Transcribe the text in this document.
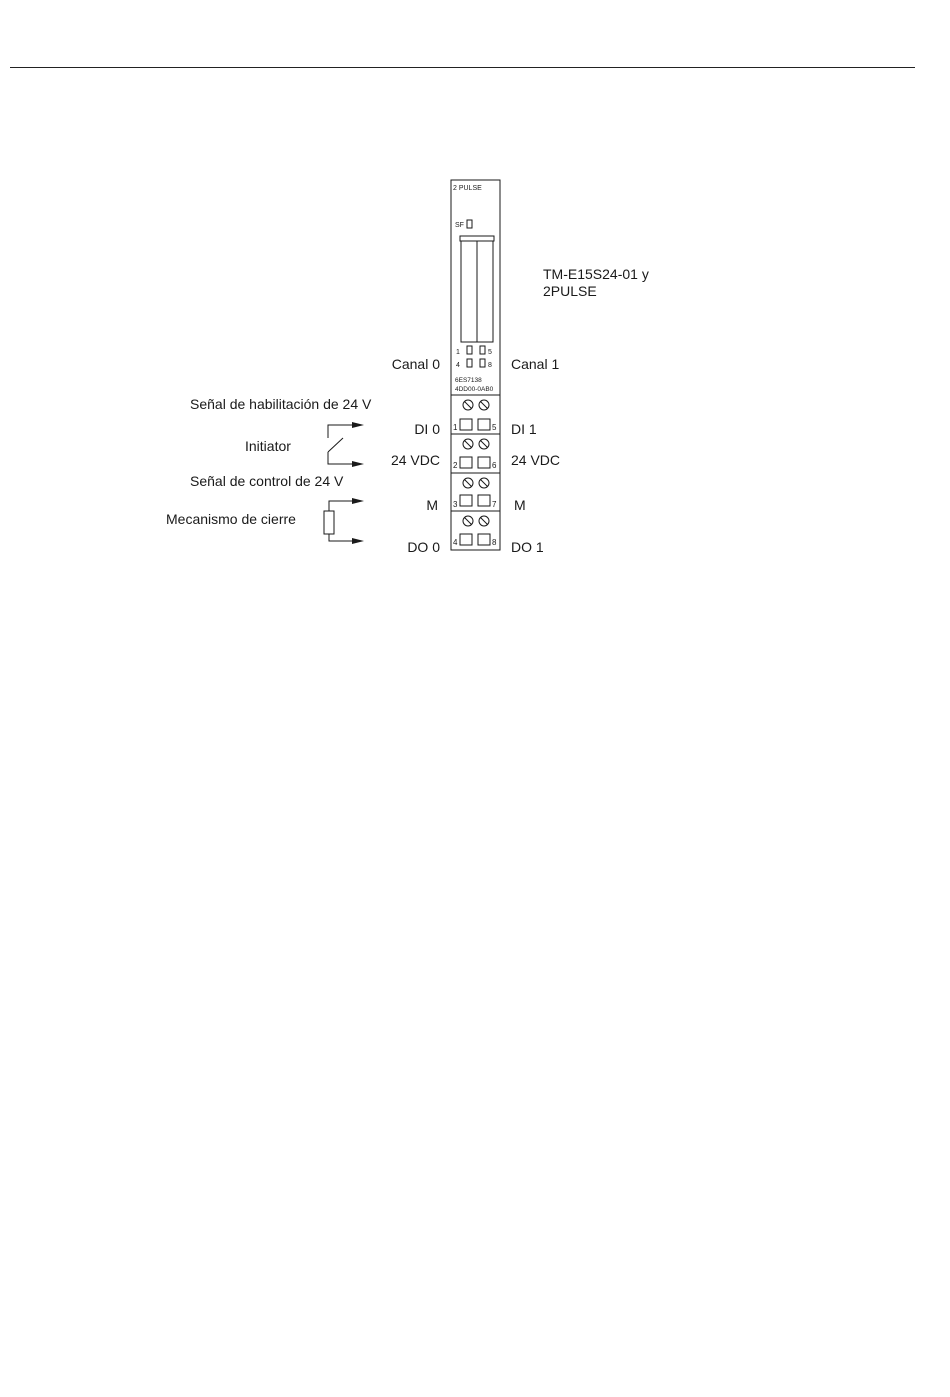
2 PULSE
SF
1	5
4	8
6ES7138
4DD00-0AB0
1	5
2	6
3	7
4	8
TM-E15S24-01 y
2PULSE
Canal 0	Canal 1
DI 0
24 VDC
M
DO 0
DI 1
24 VDC
M
DO 1
Señal de habilitación de 24 V
Initiator
Señal de control de 24 V
Mecanismo de cierre
